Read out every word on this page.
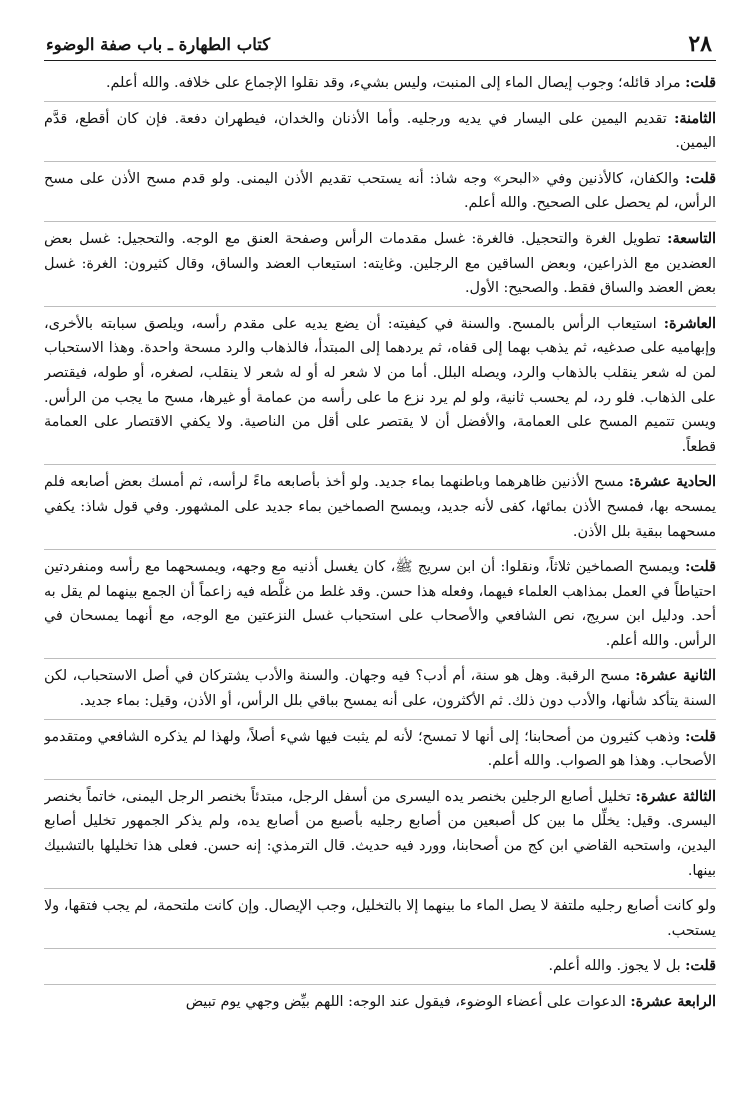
٢٨
كتاب الطهارة ـ باب صفة الوضوء

قلت: مراد قائله؛ وجوب إيصال الماء إلى المنبت، وليس بشيء، وقد نقلوا الإجماع على خلافه. والله أعلم.

الثامنة: تقديم اليمين على اليسار في يديه ورجليه. وأما الأذنان والخدان، فيطهران دفعة. فإن كان أقطع، قدَّم اليمين.

قلت: والكفان، كالأذنين وفي «البحر» وجه شاذ: أنه يستحب تقديم الأذن اليمنى. ولو قدم مسح الأذن على مسح الرأس، لم يحصل على الصحيح. والله أعلم.

التاسعة: تطويل الغرة والتحجيل. فالغرة: غسل مقدمات الرأس وصفحة العنق مع الوجه. والتحجيل: غسل بعض العضدين مع الذراعين، وبعض الساقين مع الرجلين. وغايته: استيعاب العضد والساق، وقال كثيرون: الغرة: غسل بعض العضد والساق فقط. والصحيح: الأول.

العاشرة: استيعاب الرأس بالمسح. والسنة في كيفيته: أن يضع يديه على مقدم رأسه، ويلصق سبابته بالأخرى، وإبهاميه على صدغيه، ثم يذهب بهما إلى قفاه، ثم يردهما إلى المبتدأ، فالذهاب والرد مسحة واحدة. وهذا الاستحباب لمن له شعر ينقلب بالذهاب والرد، ويصله البلل. أما من لا شعر له أو له شعر لا ينقلب، لصغره، أو طوله، فيقتصر على الذهاب. فلو رد، لم يحسب ثانية، ولو لم يرد نزع ما على رأسه من عمامة أو غيرها، مسح ما يجب من الرأس. ويسن تتميم المسح على العمامة، والأفضل أن لا يقتصر على أقل من الناصية. ولا يكفي الاقتصار على العمامة قطعاً.

الحادية عشرة: مسح الأذنين ظاهرهما وباطنهما بماء جديد. ولو أخذ بأصابعه ماءً لرأسه، ثم أمسك بعض أصابعه فلم يمسحه بها، فمسح الأذن بمائها، كفى لأنه جديد، ويمسح الصماخين بماء جديد على المشهور. وفي قول شاذ: يكفي مسحهما ببقية بلل الأذن.

قلت: ويمسح الصماخين ثلاثاً، ونقلوا: أن ابن سريج ﷺ، كان يغسل أذنيه مع وجهه، ويمسحهما مع رأسه ومنفردتين احتياطاً في العمل بمذاهب العلماء فيهما، وفعله هذا حسن. وقد غلط من غلَّطه فيه زاعماً أن الجمع بينهما لم يقل به أحد. ودليل ابن سريج، نص الشافعي والأصحاب على استحباب غسل النزعتين مع الوجه، مع أنهما يمسحان في الرأس. والله أعلم.

الثانية عشرة: مسح الرقبة. وهل هو سنة، أم أدب؟ فيه وجهان. والسنة والأدب يشتركان في أصل الاستحباب، لكن السنة يتأكد شأنها، والأدب دون ذلك. ثم الأكثرون، على أنه يمسح بباقي بلل الرأس، أو الأذن، وقيل: بماء جديد.

قلت: وذهب كثيرون من أصحابنا؛ إلى أنها لا تمسح؛ لأنه لم يثبت فيها شيء أصلاً، ولهذا لم يذكره الشافعي ومتقدمو الأصحاب. وهذا هو الصواب. والله أعلم.

الثالثة عشرة: تخليل أصابع الرجلين بخنصر يده اليسرى من أسفل الرجل، مبتدئاً بخنصر الرجل اليمنى، خاتماً بخنصر اليسرى. وقيل: يخلِّل ما بين كل أصبعين من أصابع رجليه بأصبع من أصابع يده، ولم يذكر الجمهور تخليل أصابع اليدين، واستحبه القاضي ابن كج من أصحابنا، وورد فيه حديث. قال الترمذي: إنه حسن. فعلى هذا تخليلها بالتشبيك بينها.

ولو كانت أصابع رجليه ملتفة لا يصل الماء ما بينهما إلا بالتخليل، وجب الإيصال. وإن كانت ملتحمة، لم يجب فتقها، ولا يستحب.

قلت: بل لا يجوز. والله أعلم.

الرابعة عشرة: الدعوات على أعضاء الوضوء، فيقول عند الوجه: اللهم بيِّض وجهي يوم تبيض
